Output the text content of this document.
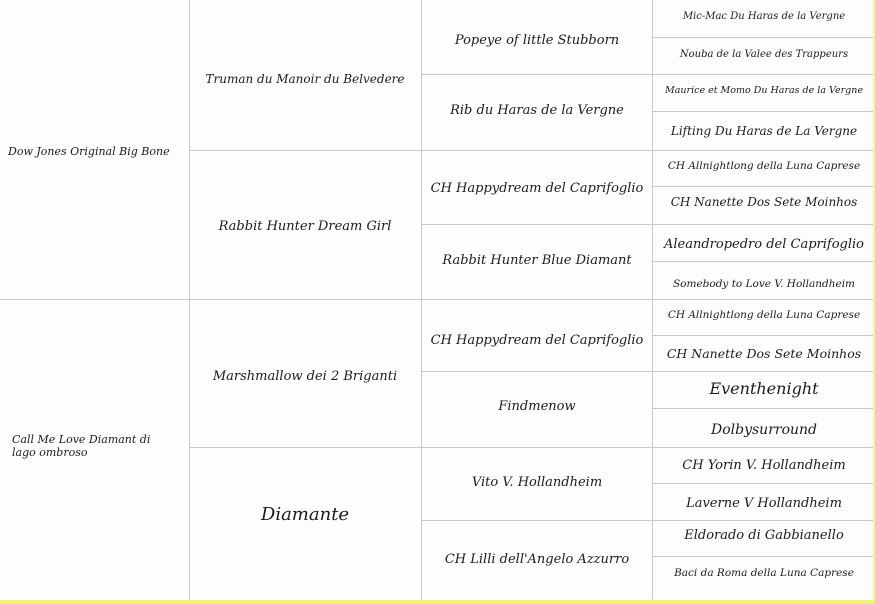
Dow Jones Original Big Bone
Call Me Love Diamant di lago ombroso
Truman du Manoir du Belvedere
Rabbit Hunter Dream Girl
Marshmallow dei 2 Briganti
Diamante
Popeye of little Stubborn
Rib du Haras de la Vergne
CH Happydream del Caprifoglio
Rabbit Hunter Blue Diamant
CH Happydream del Caprifoglio
Findmenow
Vito V. Hollandheim
CH Lilli dell'Angelo Azzurro
Mic-Mac Du Haras de la Vergne
Nouba de la Valee des Trappeurs
Maurice et Momo Du Haras de la Vergne
Lifting Du Haras de La Vergne
CH Allnightlong della Luna Caprese
CH Nanette Dos Sete Moinhos
Aleandropedro del Caprifoglio
Somebody to Love V. Hollandheim
CH Allnightlong della Luna Caprese
CH Nanette Dos Sete Moinhos
Eventhenight
Dolbysurround
CH Yorin V. Hollandheim
Laverne V Hollandheim
Eldorado di Gabbianello
Baci da Roma della Luna Caprese
